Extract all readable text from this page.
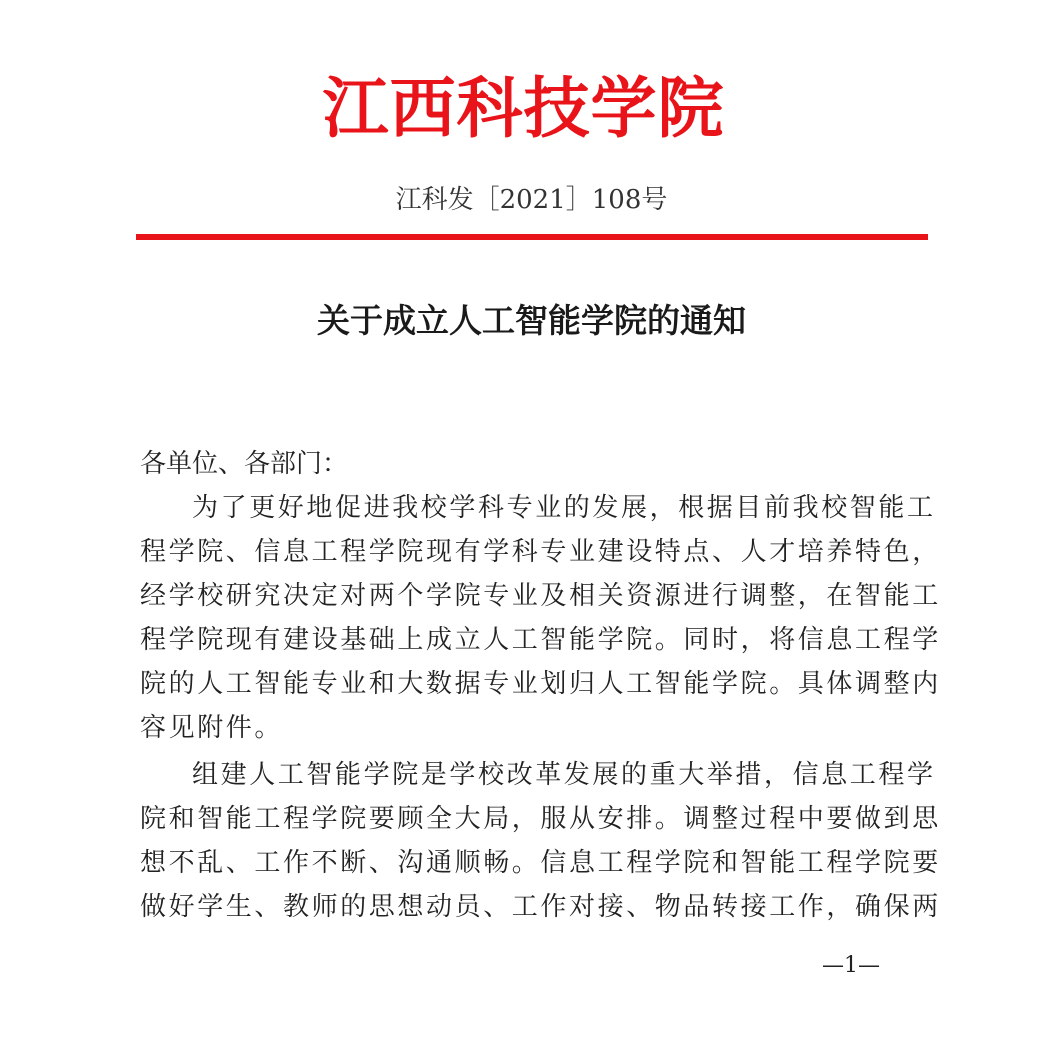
江西科技学院
江科发［2021］108号
关于成立人工智能学院的通知
各单位、各部门：
为了更好地促进我校学科专业的发展，根据目前我校智能工
程学院、信息工程学院现有学科专业建设特点、人才培养特色，
经学校研究决定对两个学院专业及相关资源进行调整，在智能工
程学院现有建设基础上成立人工智能学院。同时，将信息工程学
院的人工智能专业和大数据专业划归人工智能学院。具体调整内
容见附件。
组建人工智能学院是学校改革发展的重大举措，信息工程学
院和智能工程学院要顾全大局，服从安排。调整过程中要做到思
想不乱、工作不断、沟通顺畅。信息工程学院和智能工程学院要
做好学生、教师的思想动员、工作对接、物品转接工作，确保两
—1—
